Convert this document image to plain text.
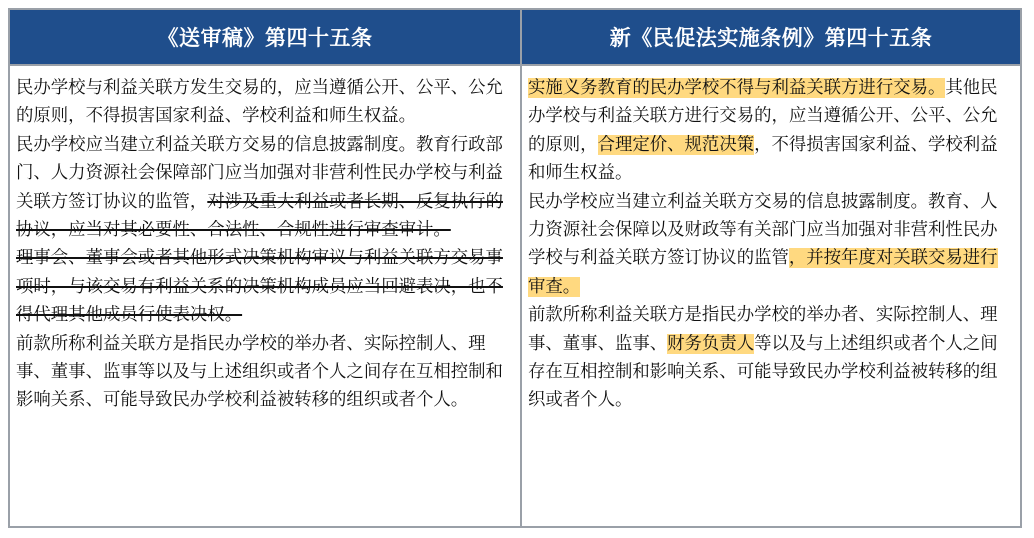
《送审稿》第四十五条	新《民促法实施条例》第四十五条

民办学校与利益关联方发生交易的，应当遵循公开、公平、公允的原则，不得损害国家利益、学校利益和师生权益。

民办学校应当建立利益关联方交易的信息披露制度。教育行政部门、人力资源社会保障部门应当加强对非营利性民办学校与利益关联方签订协议的监管，对涉及重大利益或者长期、反复执行的协议，应当对其必要性、合法性、合规性进行审查审计。

理事会、董事会或者其他形式决策机构审议与利益关联方交易事项时，与该交易有利益关系的决策机构成员应当回避表决，也不得代理其他成员行使表决权。

前款所称利益关联方是指民办学校的举办者、实际控制人、理事、董事、监事等以及与上述组织或者个人之间存在互相控制和影响关系、可能导致民办学校利益被转移的组织或者个人。

实施义务教育的民办学校不得与利益关联方进行交易。其他民办学校与利益关联方进行交易的，应当遵循公开、公平、公允的原则，合理定价、规范决策，不得损害国家利益、学校利益和师生权益。

民办学校应当建立利益关联方交易的信息披露制度。教育、人力资源社会保障以及财政等有关部门应当加强对非营利性民办学校与利益关联方签订协议的监管，并按年度对关联交易进行审查。

前款所称利益关联方是指民办学校的举办者、实际控制人、理事、董事、监事、财务负责人等以及与上述组织或者个人之间存在互相控制和影响关系、可能导致民办学校利益被转移的组织或者个人。
